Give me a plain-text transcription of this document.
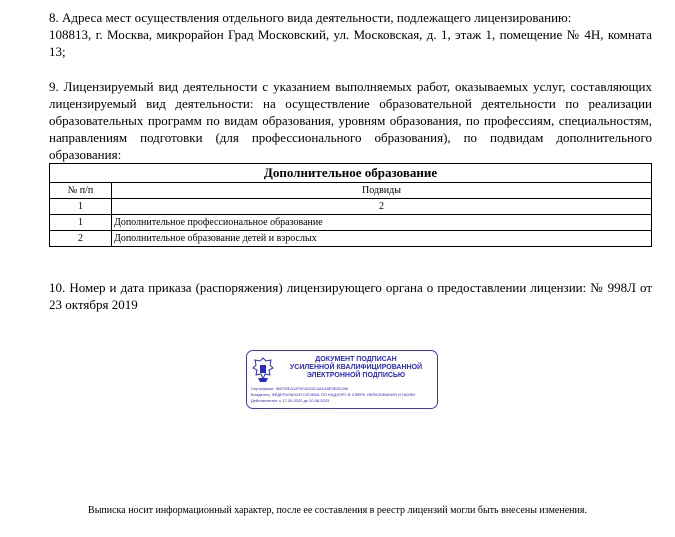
8. Адреса мест осуществления отдельного вида деятельности, подлежащего лицензированию:

108813, г. Москва, микрорайон Град Московский, ул. Московская, д. 1, этаж 1, помещение № 4Н, комната 13;

9. Лицензируемый вид деятельности с указанием выполняемых работ, оказываемых услуг, составляющих лицензируемый вид деятельности: на осуществление образовательной деятельности по реализации образовательных программ по видам образования, уровням образования, по профессиям, специальностям, направлениям подготовки (для профессионального образования), по подвидам дополнительного образования:

Дополнительное образование	
№ п/п	Подвиды
1	2
1	Дополнительное профессиональное образование
2	Дополнительное образование детей и взрослых

10. Номер и дата приказа (распоряжения) лицензирующего органа о предоставлении лицензии: № 998Л от 23 октября 2019

ДОКУМЕНТ ПОДПИСАН
УСИЛЕННОЙ КВАЛИФИЦИРОВАННОЙ
ЭЛЕКТРОННОЙ ПОДПИСЬЮ
Сертификат: 5BF25EA12F0C6923C4A1A9E3E5C406
Владелец: ФЕДЕРАЛЬНАЯ СЛУЖБА ПО НАДЗОРУ В СФЕРЕ ОБРАЗОВАНИЯ И НАУКИ
Действителен: с 17.05.2022 до 10.08.2023
Выписка носит информационный характер, после ее составления в реестр лицензий могли быть внесены изменения.
